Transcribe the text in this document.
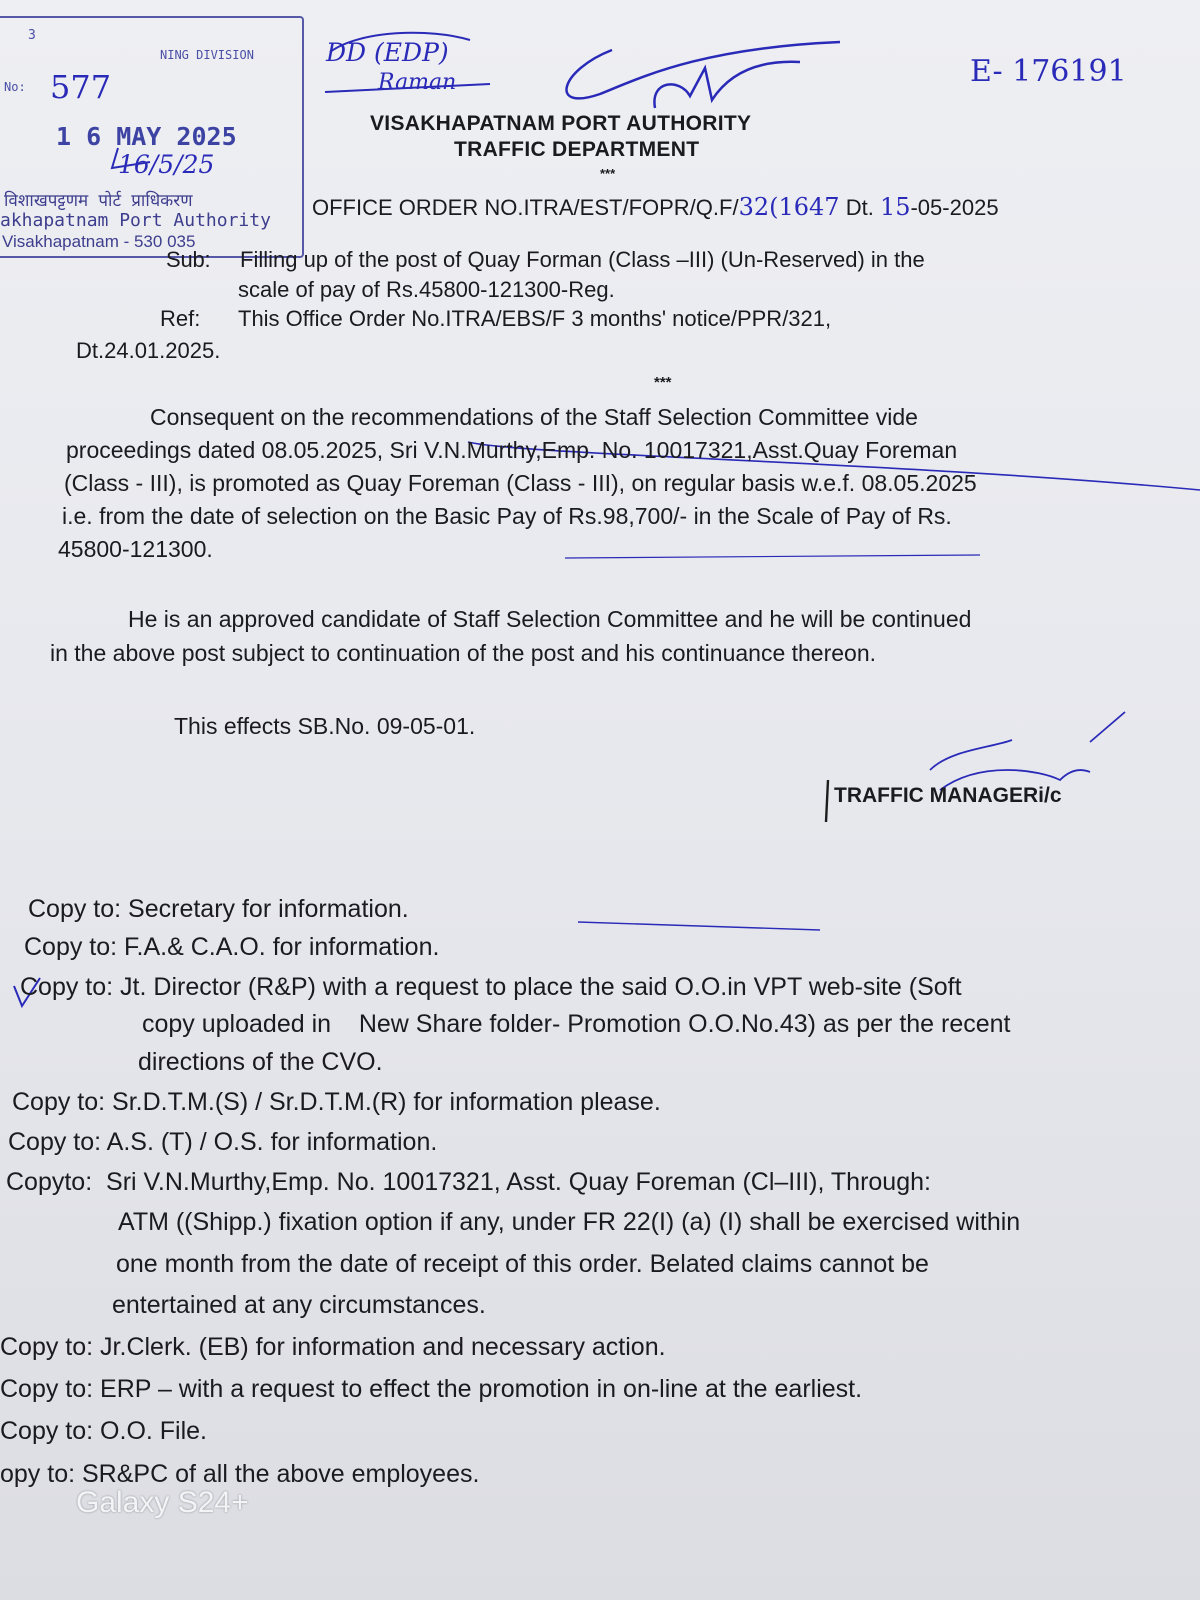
3
NING DIVISION
No: 577
1 6 MAY 2025
16/5/25
विशाखपट्टणम पोर्ट प्राधिकरण
akhapatnam Port Authority
Visakhapatnam - 530 035
DD (EDP)
Raman	E- 176191
VISAKHAPATNAM PORT AUTHORITY
TRAFFIC DEPARTMENT
***
OFFICE ORDER NO.ITRA/EST/FOPR/Q.F/32(1647 Dt. 15-05-2025
Sub: Filling up of the post of Quay Forman (Class –III) (Un-Reserved) in the
scale of pay of Rs.45800-121300-Reg.
Ref: This Office Order No.ITRA/EBS/F 3 months' notice/PPR/321,
Dt.24.01.2025.
***
Consequent on the recommendations of the Staff Selection Committee vide
proceedings dated 08.05.2025, Sri V.N.Murthy,Emp. No. 10017321,Asst.Quay Foreman
(Class - III), is promoted as Quay Foreman (Class - III), on regular basis w.e.f. 08.05.2025
i.e. from the date of selection on the Basic Pay of Rs.98,700/- in the Scale of Pay of Rs.
45800-121300.
He is an approved candidate of Staff Selection Committee and he will be continued
in the above post subject to continuation of the post and his continuance thereon.
This effects SB.No. 09-05-01.
TRAFFIC MANAGERi/c
Copy to: Secretary for information.
Copy to: F.A.& C.A.O. for information.
Copy to: Jt. Director (R&P) with a request to place the said O.O.in VPT web-site (Soft
copy uploaded in    New Share folder- Promotion O.O.No.43) as per the recent
directions of the CVO.
Copy to: Sr.D.T.M.(S) / Sr.D.T.M.(R) for information please.
Copy to: A.S. (T) / O.S. for information.
Copyto:  Sri V.N.Murthy,Emp. No. 10017321, Asst. Quay Foreman (Cl–III), Through:
ATM ((Shipp.) fixation option if any, under FR 22(I) (a) (I) shall be exercised within
one month from the date of receipt of this order. Belated claims cannot be
entertained at any circumstances.
Copy to: Jr.Clerk. (EB) for information and necessary action.
Copy to: ERP – with a request to effect the promotion in on-line at the earliest.
Copy to: O.O. File.
opy to: SR&PC of all the above employees.
Galaxy S24+
